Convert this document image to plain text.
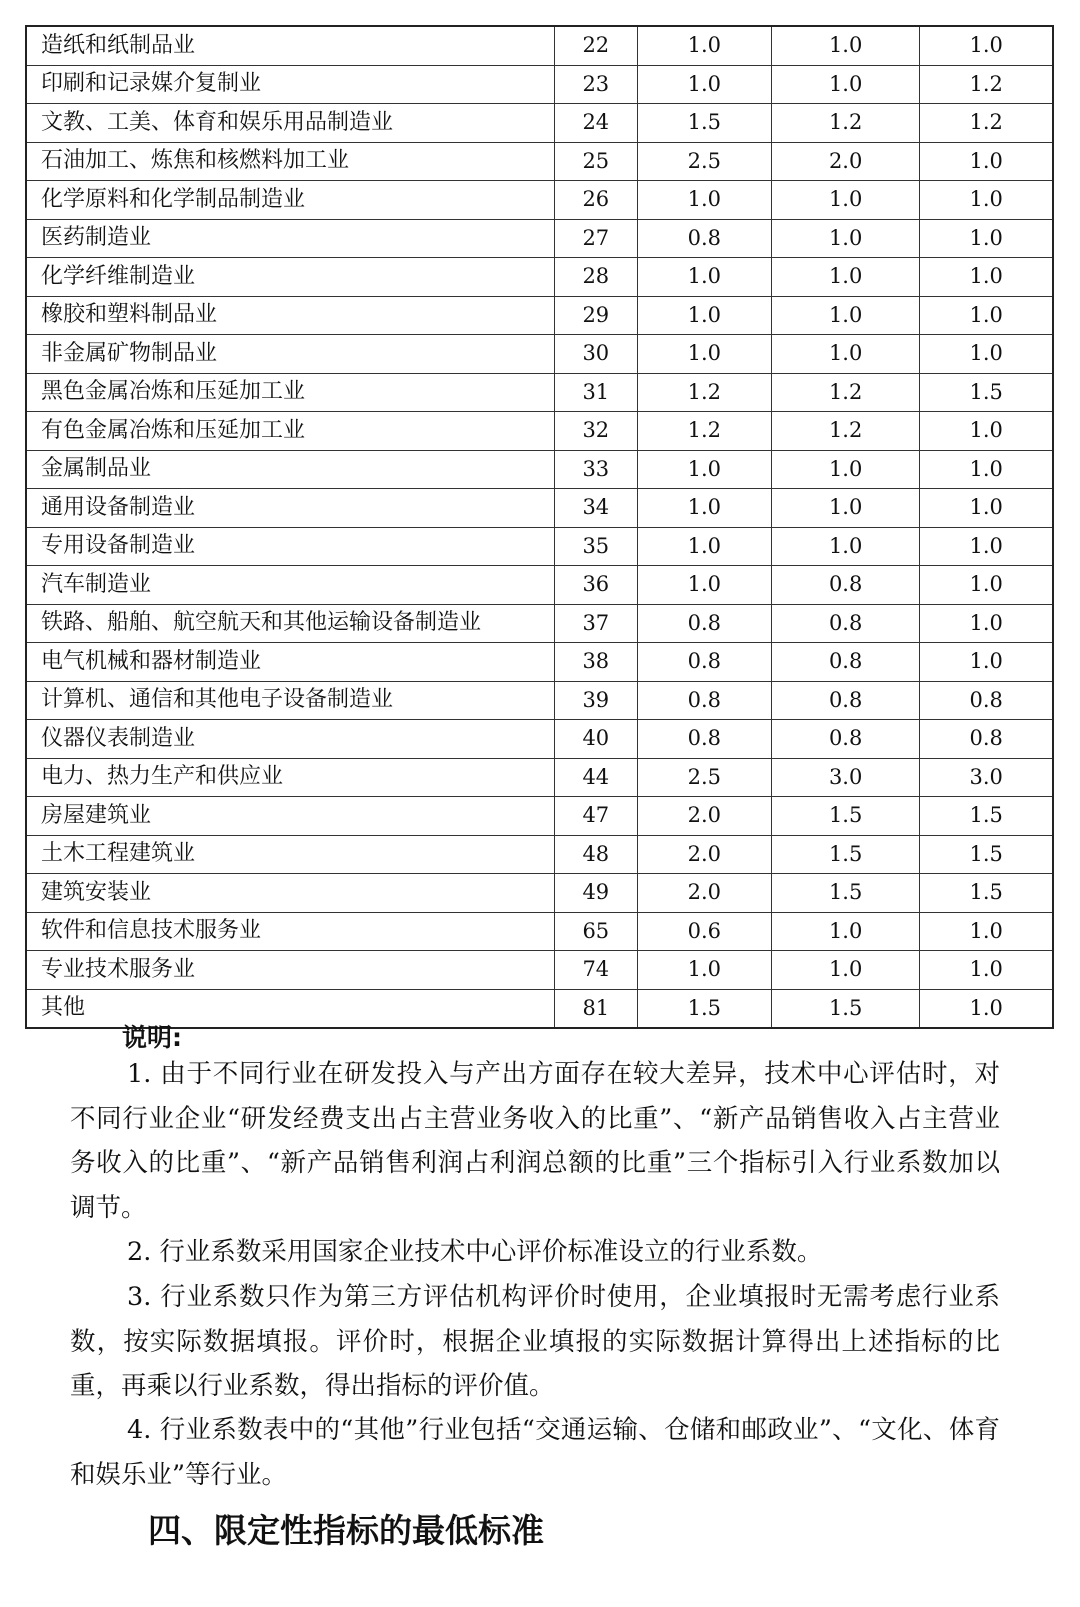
造纸和纸制品业	22	1.0	1.0	1.0
印刷和记录媒介复制业	23	1.0	1.0	1.2
文教、工美、体育和娱乐用品制造业	24	1.5	1.2	1.2
石油加工、炼焦和核燃料加工业	25	2.5	2.0	1.0
化学原料和化学制品制造业	26	1.0	1.0	1.0
医药制造业	27	0.8	1.0	1.0
化学纤维制造业	28	1.0	1.0	1.0
橡胶和塑料制品业	29	1.0	1.0	1.0
非金属矿物制品业	30	1.0	1.0	1.0
黑色金属冶炼和压延加工业	31	1.2	1.2	1.5
有色金属冶炼和压延加工业	32	1.2	1.2	1.0
金属制品业	33	1.0	1.0	1.0
通用设备制造业	34	1.0	1.0	1.0
专用设备制造业	35	1.0	1.0	1.0
汽车制造业	36	1.0	0.8	1.0
铁路、船舶、航空航天和其他运输设备制造业	37	0.8	0.8	1.0
电气机械和器材制造业	38	0.8	0.8	1.0
计算机、通信和其他电子设备制造业	39	0.8	0.8	0.8
仪器仪表制造业	40	0.8	0.8	0.8
电力、热力生产和供应业	44	2.5	3.0	3.0
房屋建筑业	47	2.0	1.5	1.5
土木工程建筑业	48	2.0	1.5	1.5
建筑安装业	49	2.0	1.5	1.5
软件和信息技术服务业	65	0.6	1.0	1.0
专业技术服务业	74	1.0	1.0	1.0
其他	81	1.5	1.5	1.0
说明:

1. 由于不同行业在研发投入与产出方面存在较大差异，技术中心评估时，对不同行业企业“研发经费支出占主营业务收入的比重”、“新产品销售收入占主营业务收入的比重”、“新产品销售利润占利润总额的比重”三个指标引入行业系数加以调节。

2. 行业系数采用国家企业技术中心评价标准设立的行业系数。

3. 行业系数只作为第三方评估机构评价时使用，企业填报时无需考虑行业系数，按实际数据填报。评价时，根据企业填报的实际数据计算得出上述指标的比重，再乘以行业系数，得出指标的评价值。

4. 行业系数表中的“其他”行业包括“交通运输、仓储和邮政业”、“文化、体育和娱乐业”等行业。

四、限定性指标的最低标准
